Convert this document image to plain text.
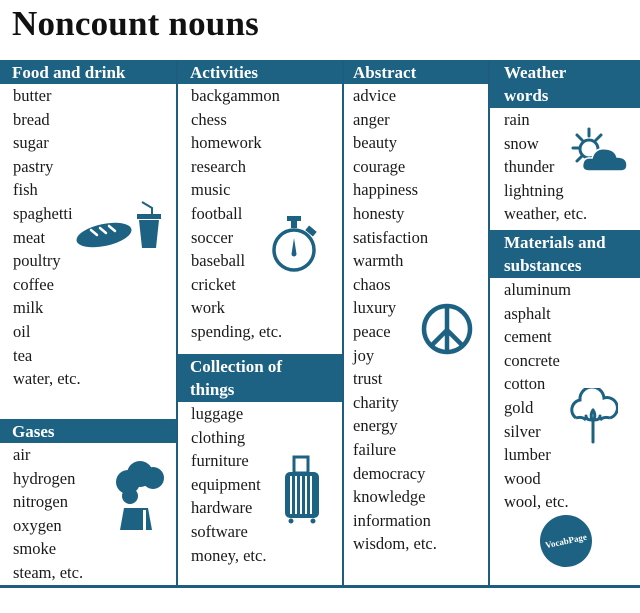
Noncount nouns
Food and drink
butter
bread
sugar
pastry
fish
spaghetti
meat
poultry
coffee
milk
oil
tea
water, etc.
Gases
air
hydrogen
nitrogen
oxygen
smoke
steam, etc.
Activities
backgammon
chess
homework
research
music
football
soccer
baseball
cricket
work
spending, etc.
Collection of
things
luggage
clothing
furniture
equipment
hardware
software
money, etc.
Abstract
advice
anger
beauty
courage
happiness
honesty
satisfaction
warmth
chaos
luxury
peace
joy
trust
charity
energy
failure
democracy
knowledge
information
wisdom, etc.
Weather
words
rain
snow
thunder
lightning
weather, etc.
Materials and
substances
aluminum
asphalt
cement
concrete
cotton
gold
silver
lumber
wood
wool, etc.
VocabPage
